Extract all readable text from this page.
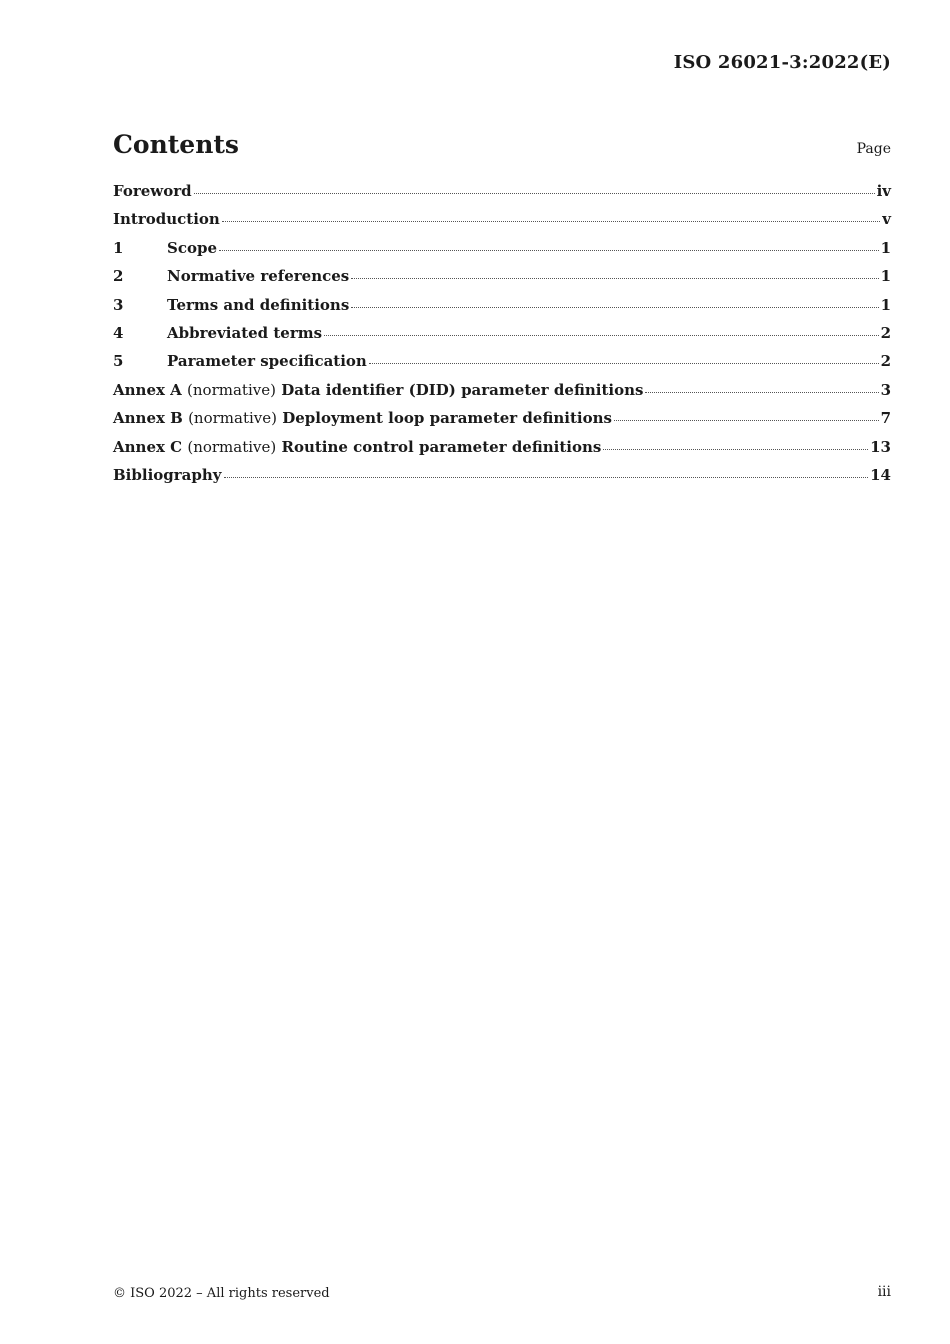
ISO 26021-3:2022(E)
Contents	Page
Foreword	iv
Introduction	v
1	Scope	1
2	Normative references	1
3	Terms and definitions	1
4	Abbreviated terms	2
5	Parameter specification	2
Annex A (normative) Data identifier (DID) parameter definitions	3
Annex B (normative) Deployment loop parameter definitions	7
Annex C (normative) Routine control parameter definitions	13
Bibliography	14
© ISO 2022 – All rights reserved	iii
